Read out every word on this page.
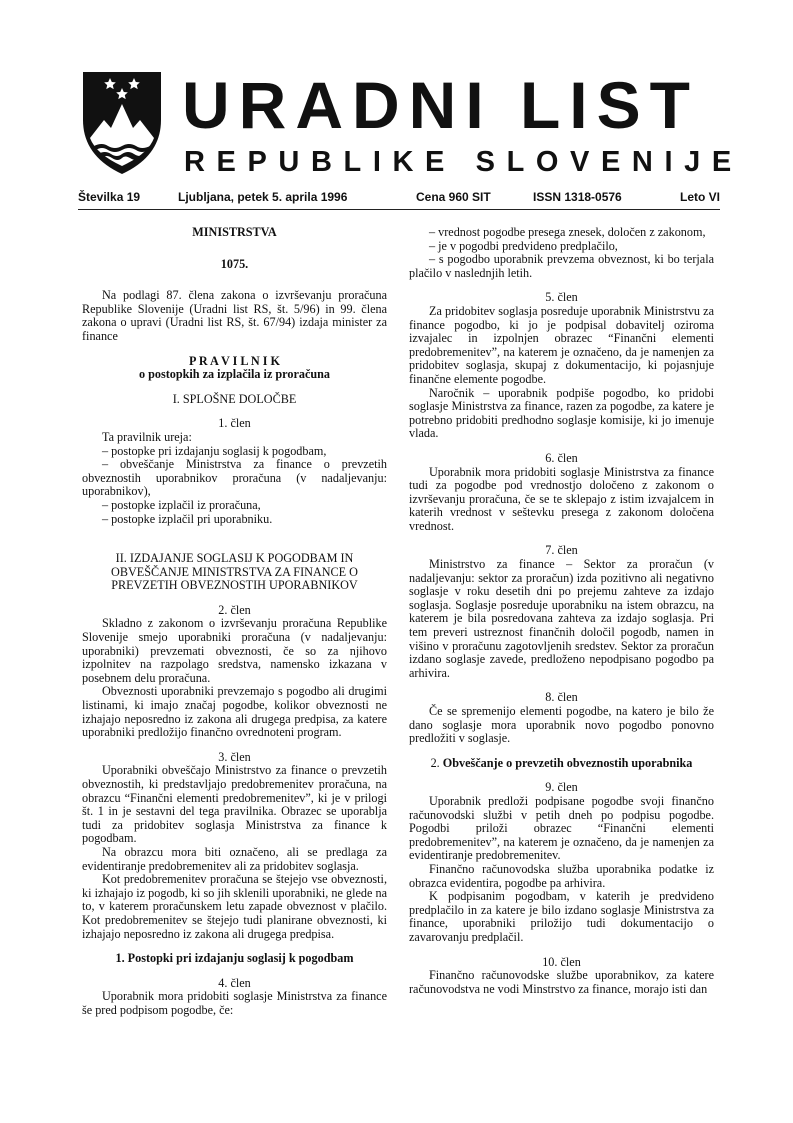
URADNI LIST
REPUBLIKE SLOVENIJE
Številka 19	Ljubljana, petek 5. aprila 1996	Cena 960 SIT	ISSN 1318-0576	Leto VI

MINISTRSTVA

1075.

Na podlagi 87. člena zakona o izvrševanju proračuna Republike Slovenije (Uradni list RS, št. 5/96) in 99. člena zakona o upravi (Uradni list RS, št. 67/94) izdaja minister za finance

P R A V I L N I K

o postopkih za izplačila iz proračuna

I. SPLOŠNE DOLOČBE

1. člen

Ta pravilnik ureja:

– postopke pri izdajanju soglasij k pogodbam,

– obveščanje Ministrstva za finance o prevzetih obveznostih uporabnikov proračuna (v nadaljevanju: uporabnikov),

– postopke izplačil iz proračuna,

– postopke izplačil pri uporabniku.

II. IZDAJANJE SOGLASIJ K POGODBAM IN OBVEŠČANJE MINISTRSTVA ZA FINANCE O PREVZETIH OBVEZNOSTIH UPORABNIKOV

2. člen

Skladno z zakonom o izvrševanju proračuna Republike Slovenije smejo uporabniki proračuna (v nadaljevanju: uporabniki) prevzemati obveznosti, če so za njihovo izpolnitev na razpolago sredstva, namensko izkazana v posebnem delu proračuna.

Obveznosti uporabniki prevzemajo s pogodbo ali drugimi listinami, ki imajo značaj pogodbe, kolikor obveznosti ne izhajajo neposredno iz zakona ali drugega predpisa, za katere uporabniki predložijo finančno ovrednoteni program.

3. člen

Uporabniki obveščajo Ministrstvo za finance o prevzetih obveznostih, ki predstavljajo predobremenitev proračuna, na obrazcu “Finančni elementi predobremenitev”, ki je v prilogi št. 1 in je sestavni del tega pravilnika. Obrazec se uporablja tudi za pridobitev soglasja Ministrstva za finance k pogodbam.

Na obrazcu mora biti označeno, ali se predlaga za evidentiranje predobremenitev ali za pridobitev soglasja.

Kot predobremenitev proračuna se štejejo vse obveznosti, ki izhajajo iz pogodb, ki so jih sklenili uporabniki, ne glede na to, v katerem proračunskem letu zapade obveznost v plačilo. Kot predobremenitev se štejejo tudi planirane obveznosti, ki izhajajo neposredno iz zakona ali drugega predpisa.

1. Postopki pri izdajanju soglasij k pogodbam

4. člen

Uporabnik mora pridobiti soglasje Ministrstva za finance še pred podpisom pogodbe, če:

– vrednost pogodbe presega znesek, določen z zakonom,

– je v pogodbi predvideno predplačilo,

– s pogodbo uporabnik prevzema obveznost, ki bo terjala plačilo v naslednjih letih.

5. člen

Za pridobitev soglasja posreduje uporabnik Ministrstvu za finance pogodbo, ki jo je podpisal dobavitelj oziroma izvajalec in izpolnjen obrazec “Finančni elementi predobremenitev”, na katerem je označeno, da je namenjen za pridobitev soglasja, skupaj z dokumentacijo, ki pojasnjuje finančne elemente pogodbe.

Naročnik – uporabnik podpiše pogodbo, ko pridobi soglasje Ministrstva za finance, razen za pogodbe, za katere je potrebno pridobiti predhodno soglasje komisije, ki jo imenuje vlada.

6. člen

Uporabnik mora pridobiti soglasje Ministrstva za finance tudi za pogodbe pod vrednostjo določeno z zakonom o izvrševanju proračuna, če se te sklepajo z istim izvajalcem in katerih vrednost v seštevku presega z zakonom določena vrednost.

7. člen

Ministrstvo za finance – Sektor za proračun (v nadaljevanju: sektor za proračun) izda pozitivno ali negativno soglasje v roku desetih dni po prejemu zahteve za izdajo soglasja. Soglasje posreduje uporabniku na istem obrazcu, na katerem je bila posredovana zahteva za izdajo soglasja. Pri tem preveri ustreznost finančnih določil pogodb, namen in višino v proračunu zagotovljenih sredstev. Sektor za proračun izdano soglasje zavede, predloženo nepodpisano pogodbo pa arhivira.

8. člen

Če se spremenijo elementi pogodbe, na katero je bilo že dano soglasje mora uporabnik novo pogodbo ponovno predložiti v soglasje.

2. Obveščanje o prevzetih obveznostih uporabnika

9. člen

Uporabnik predloži podpisane pogodbe svoji finančno računovodski službi v petih dneh po podpisu pogodbe. Pogodbi priloži obrazec “Finančni elementi predobremenitev”, na katerem je označeno, da je namenjen za evidentiranje predobremenitev.

Finančno računovodska služba uporabnika podatke iz obrazca evidentira, pogodbe pa arhivira.

K podpisanim pogodbam, v katerih je predvideno predplačilo in za katere je bilo izdano soglasje Ministrstva za finance, uporabniki priložijo tudi dokumentacijo o zavarovanju predplačil.

10. člen

Finančno računovodske službe uporabnikov, za katere računovodstva ne vodi Minstrstvo za finance, morajo isti dan
